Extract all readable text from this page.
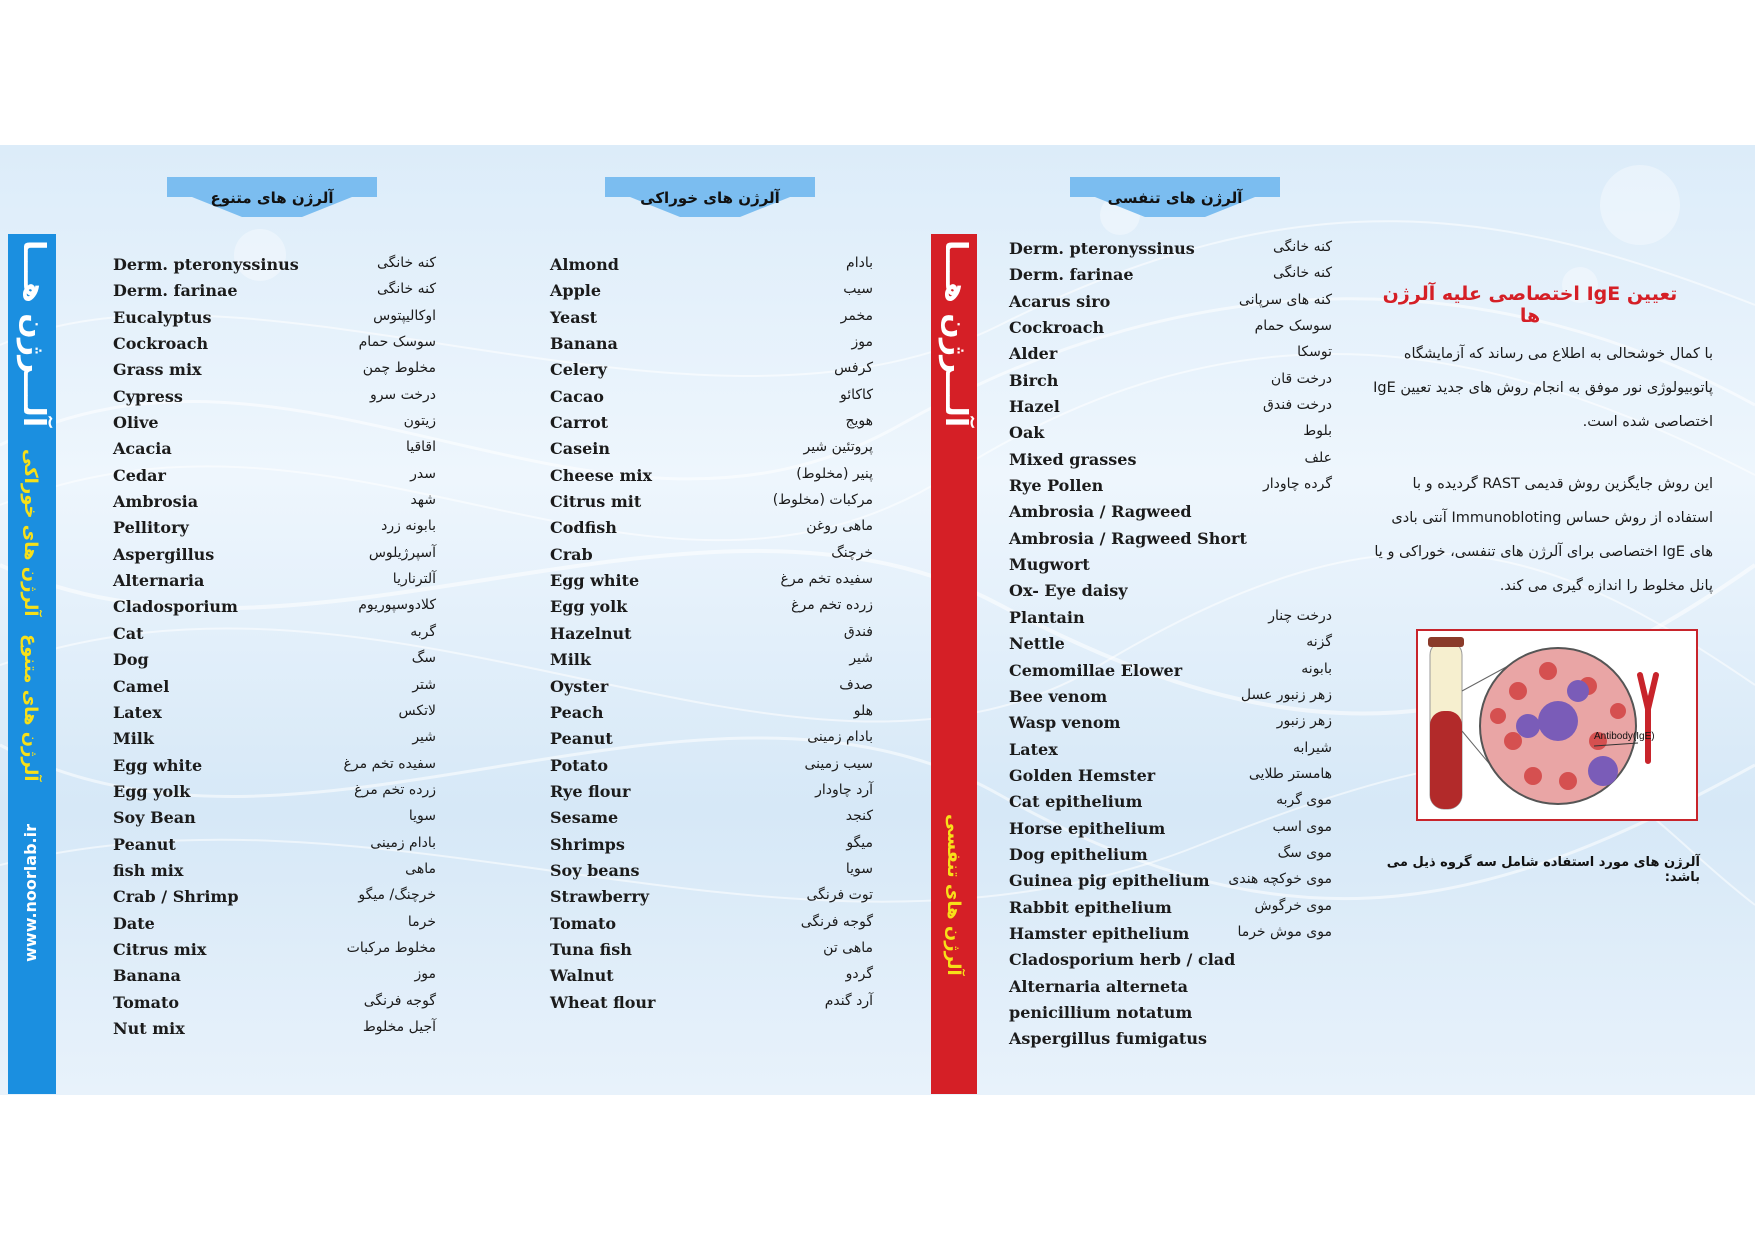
آلـــرژن هـــا
آلرژن های خوراکی
آلرژن های متنوع
www.noorlab.ir
آلـــرژن هـــا
آلرژن های تنفسی
آلرژن های متنوع	آلرژن های خوراکی	آلرژن های تنفسی
Derm. pteronyssinus	کنه خانگی
Derm. farinae	کنه خانگی
Eucalyptus	اوکالیپتوس
Cockroach	سوسک حمام
Grass mix	مخلوط چمن
Cypress	درخت سرو
Olive	زیتون
Acacia	اقاقیا
Cedar	سدر
Ambrosia	شهد
Pellitory	بابونه زرد
Aspergillus	آسپرژیلوس
Alternaria	آلترناریا
Cladosporium	کلادوسپوریوم
Cat	گربه
Dog	سگ
Camel	شتر
Latex	لاتکس
Milk	شیر
Egg white	سفیده تخم مرغ
Egg yolk	زرده تخم مرغ
Soy Bean	سویا
Peanut	بادام زمینی
fish mix	ماهی
Crab / Shrimp	خرچنگ/ میگو
Date	خرما
Citrus mix	مخلوط مرکبات
Banana	موز
Tomato	گوجه فرنگی
Nut mix	آجیل مخلوط
Almond	بادام
Apple	سیب
Yeast	مخمر
Banana	موز
Celery	کرفس
Cacao	کاکائو
Carrot	هویج
Casein	پروتئین شیر
Cheese mix	پنیر (مخلوط)
Citrus mit	مرکبات (مخلوط)
Codfish	ماهی روغن
Crab	خرچنگ
Egg white	سفیده تخم مرغ
Egg yolk	زرده تخم مرغ
Hazelnut	فندق
Milk	شیر
Oyster	صدف
Peach	هلو
Peanut	بادام زمینی
Potato	سیب زمینی
Rye flour	آرد چاودار
Sesame	کنجد
Shrimps	میگو
Soy beans	سویا
Strawberry	توت فرنگی
Tomato	گوجه فرنگی
Tuna fish	ماهی تن
Walnut	گردو
Wheat flour	آرد گندم
Derm. pteronyssinus	کنه خانگی
Derm. farinae	کنه خانگی
Acarus siro	کنه های سرپانی
Cockroach	سوسک حمام
Alder	توسکا
Birch	درخت قان
Hazel	درخت فندق
Oak	بلوط
Mixed grasses	علف
Rye Pollen	گرده چاودار
Ambrosia / Ragweed
Ambrosia / Ragweed Short
Mugwort
Ox- Eye daisy
Plantain	درخت چنار
Nettle	گزنه
Cemomillae Elower	بابونه
Bee venom	زهر زنبور عسل
Wasp venom	زهر زنبور
Latex	شیرابه
Golden Hemster	هامستر طلایی
Cat epithelium	موی گربه
Horse epithelium	موی اسب
Dog epithelium	موی سگ
Guinea pig epithelium موی خوکچه هندی
Rabbit epithelium	موی خرگوش
Hamster epithelium	موی موش خرما
Cladosporium herb / clad
Alternaria alterneta
penicillium notatum
Aspergillus fumigatus
تعیین IgE اختصاصی علیه آلرژن ها
با کمال خوشحالی به اطلاع می رساند که آزمایشگاه پاتوبیولوژی نور موفق به انجام روش های جدید تعیین IgE اختصاصی شده است.
این روش جایگزین روش قدیمی RAST گردیده و با استفاده از روش حساس Immunobloting آنتی بادی های IgE اختصاصی برای آلرژن های تنفسی، خوراکی و یا پانل مخلوط را اندازه گیری می کند.
Antibody(IgE)
آلرژن های مورد استفاده شامل سه گروه ذیل می باشد:
